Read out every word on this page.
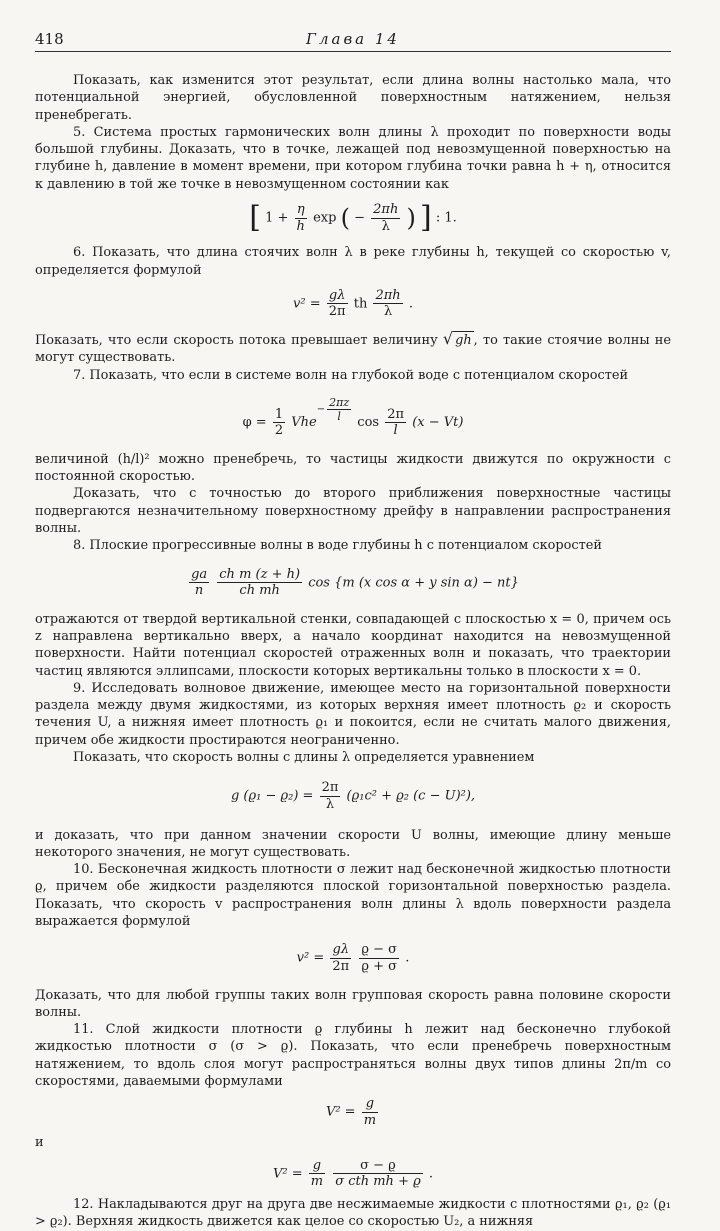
418	Глава 14

Показать, как изменится этот результат, если длина волны настолько мала, что потенциальной энергией, обусловленной поверхностным натяжением, нельзя пренебрегать.

5. Система простых гармонических волн длины λ проходит по поверхности воды большой глубины. Доказать, что в точке, лежащей под невозмущенной поверхностью на глубине h, давление в момент времени, при котором глубина точки равна h + η, относится к давлению в той же точке в невозмущенном состоянии как

[ $1 + \frac{\eta}{h}$ exp ( − $\frac{2\pi h}{\lambda}$ ) ] : 1.

6. Показать, что длина стоячих волн λ в реке глубины h, текущей со скоростью v, определяется формулой

$v^2 = \frac{g\lambda}{2\pi}$ th $\frac{2\pi h}{\lambda}$ .

Показать, что если скорость потока превышает величину √ gh , то такие стоячие волны не могут существовать.

7. Показать, что если в системе волн на глубокой воде с потенциалом скоростей

$\varphi = \frac{1}{2} Vhe^{- \frac{2\pi z}{l}}$ $\cos \frac{2\pi}{l} (x - Vt)$

величиной (h/l)² можно пренебречь, то частицы жидкости движутся по окружности с постоянной скоростью.

Доказать, что с точностью до второго приближения поверхностные частицы подвергаются незначительному поверхностному дрейфу в направлении распространения волны.

8. Плоские прогрессивные волны в воде глубины h с потенциалом скоростей

$\frac{ga}{n}$
$\frac{\text{ch m (z + h)}}{\text{ch mh}}$ cos {m (x cos α + y sin α) − nt}

отражаются от твердой вертикальной стенки, совпадающей с плоскостью x = 0, причем ось z направлена вертикально вверх, а начало координат находится на невозмущенной поверхности. Найти потенциал скоростей отраженных волн и показать, что траектории частиц являются эллипсами, плоскости которых вертикальны только в плоскости x = 0.

9. Исследовать волновое движение, имеющее место на горизонтальной поверхности раздела между двумя жидкостями, из которых верхняя имеет плотность ϱ₂ и скорость течения U, а нижняя имеет плотность ϱ₁ и покоится, если не считать малого движения, причем обе жидкости простираются неограниченно.

Показать, что скорость волны c длины λ определяется уравнением

g $(ϱ_1 - ϱ_2) = \frac{2\pi}{\lambda} (ϱ_1c^2 + ϱ_2$ (c − U)²),

и доказать, что при данном значении скорости U волны, имеющие длину меньше некоторого значения, не могут существовать.

10. Бесконечная жидкость плотности σ лежит над бесконечной жидкостью плотности ϱ, причем обе жидкости разделяются плоской горизонтальной поверхностью раздела. Показать, что скорость v распространения волн длины λ вдоль поверхности раздела выражается формулой

$v^2 = \frac{g\lambda}{2\pi}$
$\frac{ϱ - \sigma}{ϱ + \sigma}$ .

Доказать, что для любой группы таких волн групповая скорость равна половине скорости волны.

11. Слой жидкости плотности ϱ глубины h лежит над бесконечно глубокой жидкостью плотности σ (σ > ϱ). Показать, что если пренебречь поверхностным натяжением, то вдоль слоя могут распространяться волны двух типов длины 2π/m со скоростями, даваемыми формулами

$V^2 = \frac{g}{m}$

и

$V^2 = \frac{g}{m}$
$\frac{\sigma - ϱ}{\text{σ cth mh + ϱ}}$ .

12. Накладываются друг на друга две несжимаемые жидкости с плотностями ϱ₁, ϱ₂ (ϱ₁ > ϱ₂). Верхняя жидкость движется как целое со скоростью U₂, а нижняя
